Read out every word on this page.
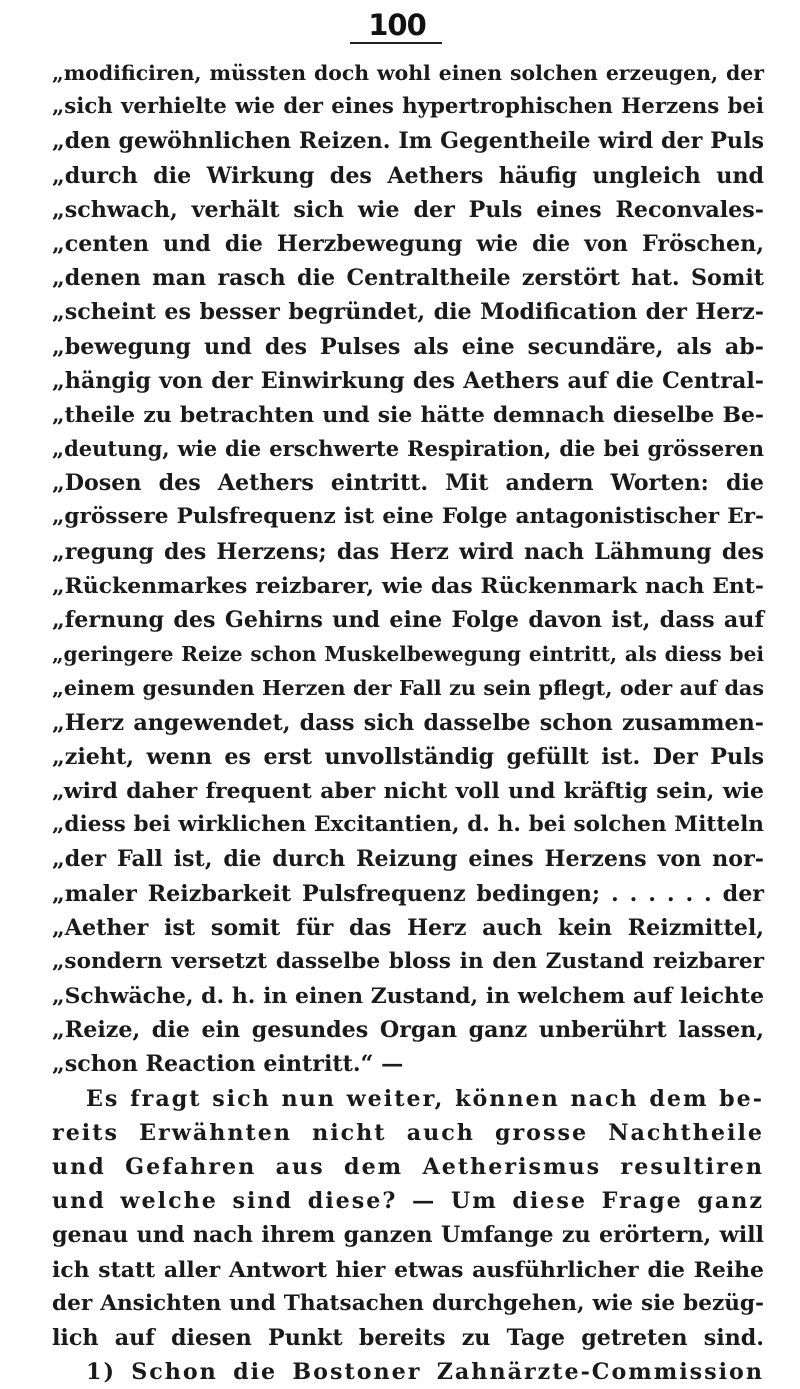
100
„modificiren, müssten doch wohl einen solchen erzeugen, der
„sich verhielte wie der eines hypertrophischen Herzens bei
„den gewöhnlichen Reizen. Im Gegentheile wird der Puls
„durch die Wirkung des Aethers häufig ungleich und
„schwach, verhält sich wie der Puls eines Reconvales-
„centen und die Herzbewegung wie die von Fröschen,
„denen man rasch die Centraltheile zerstört hat. Somit
„scheint es besser begründet, die Modification der Herz-
„bewegung und des Pulses als eine secundäre, als ab-
„hängig von der Einwirkung des Aethers auf die Central-
„theile zu betrachten und sie hätte demnach dieselbe Be-
„deutung, wie die erschwerte Respiration, die bei grösseren
„Dosen des Aethers eintritt. Mit andern Worten: die
„grössere Pulsfrequenz ist eine Folge antagonistischer Er-
„regung des Herzens; das Herz wird nach Lähmung des
„Rückenmarkes reizbarer, wie das Rückenmark nach Ent-
„fernung des Gehirns und eine Folge davon ist, dass auf
„geringere Reize schon Muskelbewegung eintritt, als diess bei
„einem gesunden Herzen der Fall zu sein pflegt, oder auf das
„Herz angewendet, dass sich dasselbe schon zusammen-
„zieht, wenn es erst unvollständig gefüllt ist. Der Puls
„wird daher frequent aber nicht voll und kräftig sein, wie
„diess bei wirklichen Excitantien, d. h. bei solchen Mitteln
„der Fall ist, die durch Reizung eines Herzens von nor-
„maler Reizbarkeit Pulsfrequenz bedingen; . . . . . . der
„Aether ist somit für das Herz auch kein Reizmittel,
„sondern versetzt dasselbe bloss in den Zustand reizbarer
„Schwäche, d. h. in einen Zustand, in welchem auf leichte
„Reize, die ein gesundes Organ ganz unberührt lassen,
„schon Reaction eintritt.“ —
Es fragt sich nun weiter, können nach dem be-
reits Erwähnten nicht auch grosse Nachtheile
und Gefahren aus dem Aetherismus resultiren
und welche sind diese? — Um diese Frage ganz
genau und nach ihrem ganzen Umfange zu erörtern, will
ich statt aller Antwort hier etwas ausführlicher die Reihe
der Ansichten und Thatsachen durchgehen, wie sie bezüg-
lich auf diesen Punkt bereits zu Tage getreten sind.
1) Schon die Bostoner Zahnärzte-Commission
